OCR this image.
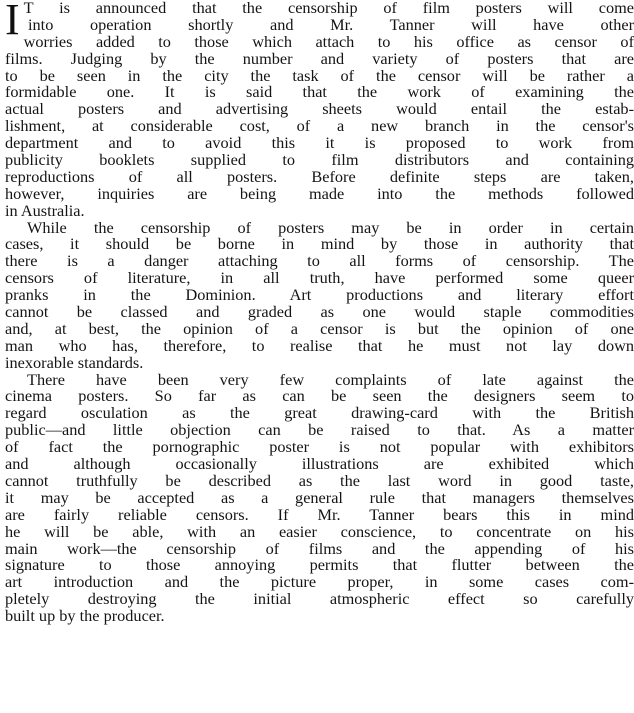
I T is announced that the censorship of film posters will come
into operation shortly and Mr. Tanner will have other
worries added to those which attach to his office as censor of
films. Judging by the number and variety of posters that are
to be seen in the city the task of the censor will be rather a
formidable one. It is said that the work of examining the
actual posters and advertising sheets would entail the estab-
lishment, at considerable cost, of a new branch in the censor's
department and to avoid this it is proposed to work from
publicity booklets supplied to film distributors and containing
reproductions of all posters. Before definite steps are taken,
however, inquiries are being made into the methods followed
in Australia.
While the censorship of posters may be in order in certain
cases, it should be borne in mind by those in authority that
there is a danger attaching to all forms of censorship. The
censors of literature, in all truth, have performed some queer
pranks in the Dominion. Art productions and literary effort
cannot be classed and graded as one would staple commodities
and, at best, the opinion of a censor is but the opinion of one
man who has, therefore, to realise that he must not lay down
inexorable standards.
There have been very few complaints of late against the
cinema posters. So far as can be seen the designers seem to
regard osculation as the great drawing-card with the British
public—and little objection can be raised to that. As a matter
of fact the pornographic poster is not popular with exhibitors
and although occasionally illustrations are exhibited which
cannot truthfully be described as the last word in good taste,
it may be accepted as a general rule that managers themselves
are fairly reliable censors. If Mr. Tanner bears this in mind
he will be able, with an easier conscience, to concentrate on his
main work—the censorship of films and the appending of his
signature to those annoying permits that flutter between the
art introduction and the picture proper, in some cases com-
pletely destroying the initial atmospheric effect so carefully
built up by the producer.
